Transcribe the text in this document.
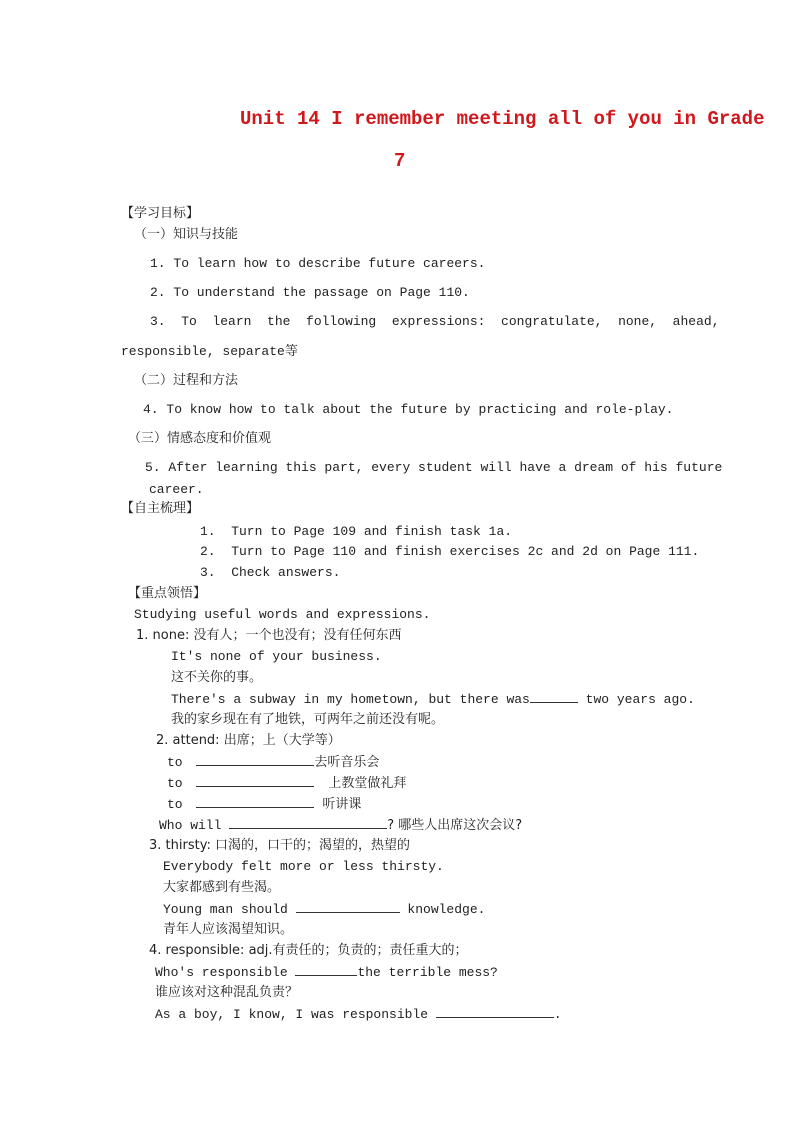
Unit 14 I remember meeting all of you in Grade
7
【学习目标】
（一）知识与技能
1. To learn how to describe future careers.
2. To understand the passage on Page 110.
3.  To  learn  the  following  expressions:  congratulate,  none,  ahead,
responsible, separate等
（二）过程和方法
4. To know how to talk about the future by practicing and role-play.
（三）情感态度和价值观
5. After learning this part, every student will have a dream of his future
career.
【自主梳理】
1.  Turn to Page 109 and finish task 1a.
2.  Turn to Page 110 and finish exercises 2c and 2d on Page 111.
3.  Check answers.
【重点领悟】
Studying useful words and expressions.
1. none: 没有人；一个也没有；没有任何东西
It's none of your business.
这不关你的事。
There's a subway in my hometown, but there was	two years ago.
我的家乡现在有了地铁，可两年之前还没有呢。
2. attend: 出席；上（大学等）
to	去听音乐会
to	上教堂做礼拜
to	听讲课
Who will	? 哪些人出席这次会议?
3. thirsty: 口渴的，口干的；渴望的，热望的
Everybody felt more or less thirsty.
大家都感到有些渴。
Young man should	knowledge.
青年人应该渴望知识。
4. responsible: adj.有责任的；负责的；责任重大的；
Who's responsible	the terrible mess?
谁应该对这种混乱负责？
As a boy, I know, I was responsible	.
